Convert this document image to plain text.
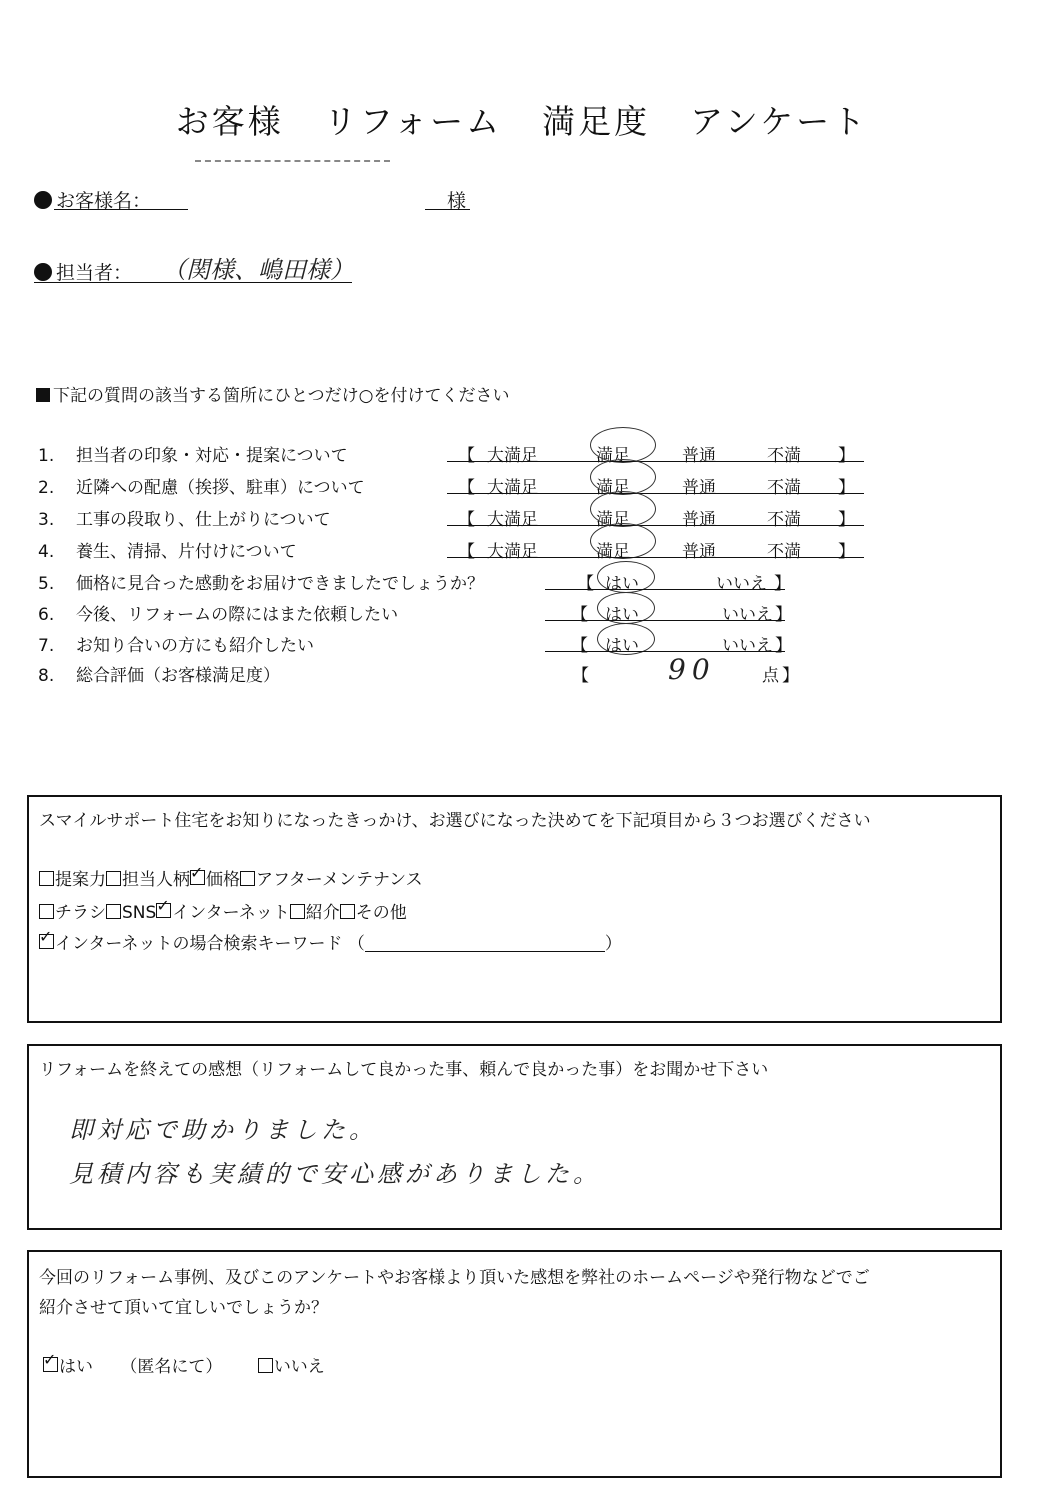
お客様 リフォーム 満足度 アンケート
お客様名：	様
担当者： （関様、嶋田様）
下記の質問の該当する箇所にひとつだけ○を付けてください
1. 担当者の印象・対応・提案について	【 大満足	満足	普通	不満 】
2. 近隣への配慮（挨拶、駐車）について	【 大満足	満足	普通	不満 】
3. 工事の段取り、仕上がりについて	【 大満足	満足	普通	不満 】
4. 養生、清掃、片付けについて	【 大満足	満足	普通	不満 】
5. 価格に見合った感動をお届けできましたでしょうか？	【 はい	いいえ 】
6. 今後、リフォームの際にはまた依頼したい	【 はい	いいえ 】
7. お知り合いの方にも紹介したい	【 はい	いいえ 】
8. 総合評価（お客様満足度）	【	90	点 】
スマイルサポート住宅をお知りになったきっかけ、お選びになった決めてを下記項目から３つお選びください
提案力 担当人柄 ✓ 価格 アフターメンテナンス
チラシ SNS ✓ インターネット 紹介 その他
✓インターネットの場合検索キーワード （	）
リフォームを終えての感想（リフォームして良かった事、頼んで良かった事）をお聞かせ下さい
即対応で助かりました。
見積内容も実績的で安心感がありました。
今回のリフォーム事例、及びこのアンケートやお客様より頂いた感想を弊社のホームページや発行物などでご
紹介させて頂いて宜しいでしょうか？
✓はい （匿名にて）	いいえ
